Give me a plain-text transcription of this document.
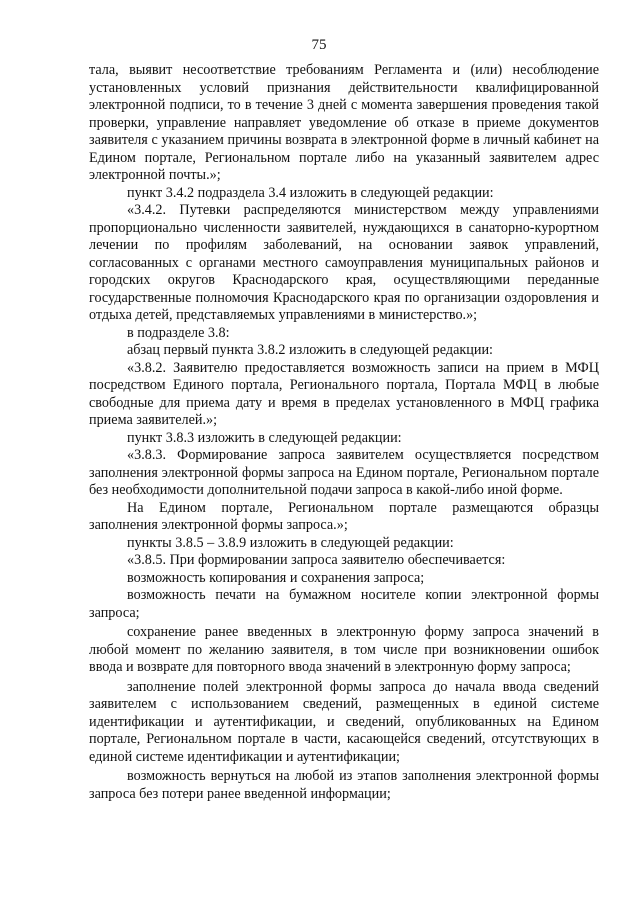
75

тала, выявит несоответствие требованиям Регламента и (или) несоблюдение установленных условий признания действительности квалифицированной электронной подписи, то в течение 3 дней с момента завершения проведения такой проверки, управление направляет уведомление об отказе в приеме документов заявителя с указанием причины возврата в электронной форме в личный кабинет на Едином портале, Региональном портале либо на указанный заявителем адрес электронной почты.»;

пункт 3.4.2 подраздела 3.4 изложить в следующей редакции:

«3.4.2. Путевки распределяются министерством между управлениями пропорционально численности заявителей, нуждающихся в санаторно-курортном лечении по профилям заболеваний, на основании заявок управлений, согласованных с органами местного самоуправления муниципальных районов и городских округов Краснодарского края, осуществляющими переданные государственные полномочия Краснодарского края по организации оздоровления и отдыха детей, представляемых управлениями в министерство.»;

в подразделе 3.8:

абзац первый пункта 3.8.2 изложить в следующей редакции:

«3.8.2. Заявителю предоставляется возможность записи на прием в МФЦ посредством Единого портала, Регионального портала, Портала МФЦ в любые свободные для приема дату и время в пределах установленного в МФЦ графика приема заявителей.»;

пункт 3.8.3 изложить в следующей редакции:

«3.8.3. Формирование запроса заявителем осуществляется посредством заполнения электронной формы запроса на Едином портале, Региональном портале без необходимости дополнительной подачи запроса в какой-либо иной форме.

На Едином портале, Региональном портале размещаются образцы заполнения электронной формы запроса.»;

пункты 3.8.5 – 3.8.9 изложить в следующей редакции:

«3.8.5. При формировании запроса заявителю обеспечивается:

возможность копирования и сохранения запроса;

возможность печати на бумажном носителе копии электронной формы запроса;

сохранение ранее введенных в электронную форму запроса значений в любой момент по желанию заявителя, в том числе при возникновении ошибок ввода и возврате для повторного ввода значений в электронную форму запроса;

заполнение полей электронной формы запроса до начала ввода сведений заявителем с использованием сведений, размещенных в единой системе идентификации и аутентификации, и сведений, опубликованных на Едином портале, Региональном портале в части, касающейся сведений, отсутствующих в единой системе идентификации и аутентификации;

возможность вернуться на любой из этапов заполнения электронной формы запроса без потери ранее введенной информации;
